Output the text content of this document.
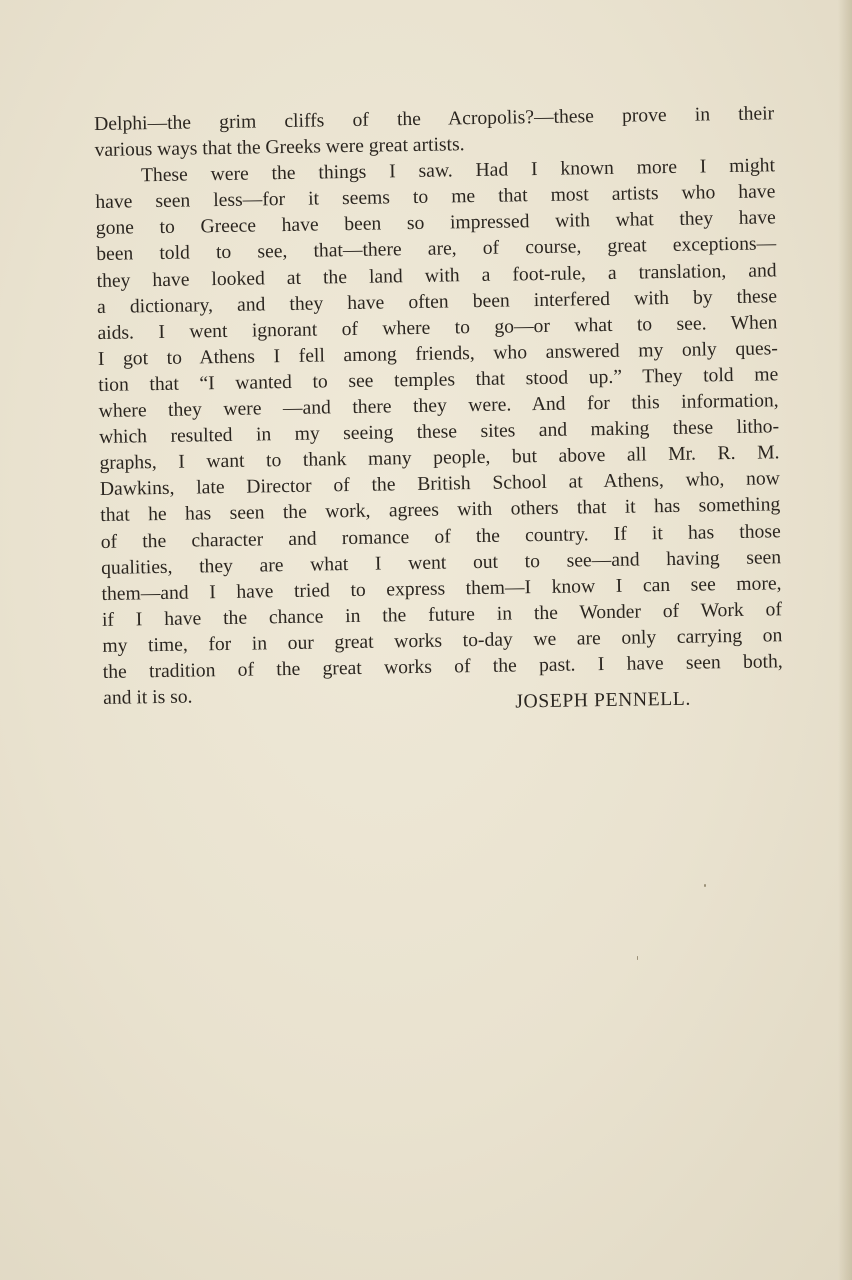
Delphi—the grim cliffs of the Acropolis?—these prove in their
various ways that the Greeks were great artists.
These were the things I saw. Had I known more I might
have seen less—for it seems to me that most artists who have
gone to Greece have been so impressed with what they have
been told to see, that—there are, of course, great exceptions—
they have looked at the land with a foot-rule, a translation, and
a dictionary, and they have often been interfered with by these
aids. I went ignorant of where to go—or what to see. When
I got to Athens I fell among friends, who answered my only ques-
tion that “I wanted to see temples that stood up.” They told me
where they were —and there they were. And for this information,
which resulted in my seeing these sites and making these litho-
graphs, I want to thank many people, but above all Mr. R. M.
Dawkins, late Director of the British School at Athens, who, now
that he has seen the work, agrees with others that it has something
of the character and romance of the country. If it has those
qualities, they are what I went out to see—and having seen
them—and I have tried to express them—I know I can see more,
if I have the chance in the future in the Wonder of Work of
my time, for in our great works to-day we are only carrying on
the tradition of the great works of the past. I have seen both,
and it is so.	JOSEPH PENNELL.
